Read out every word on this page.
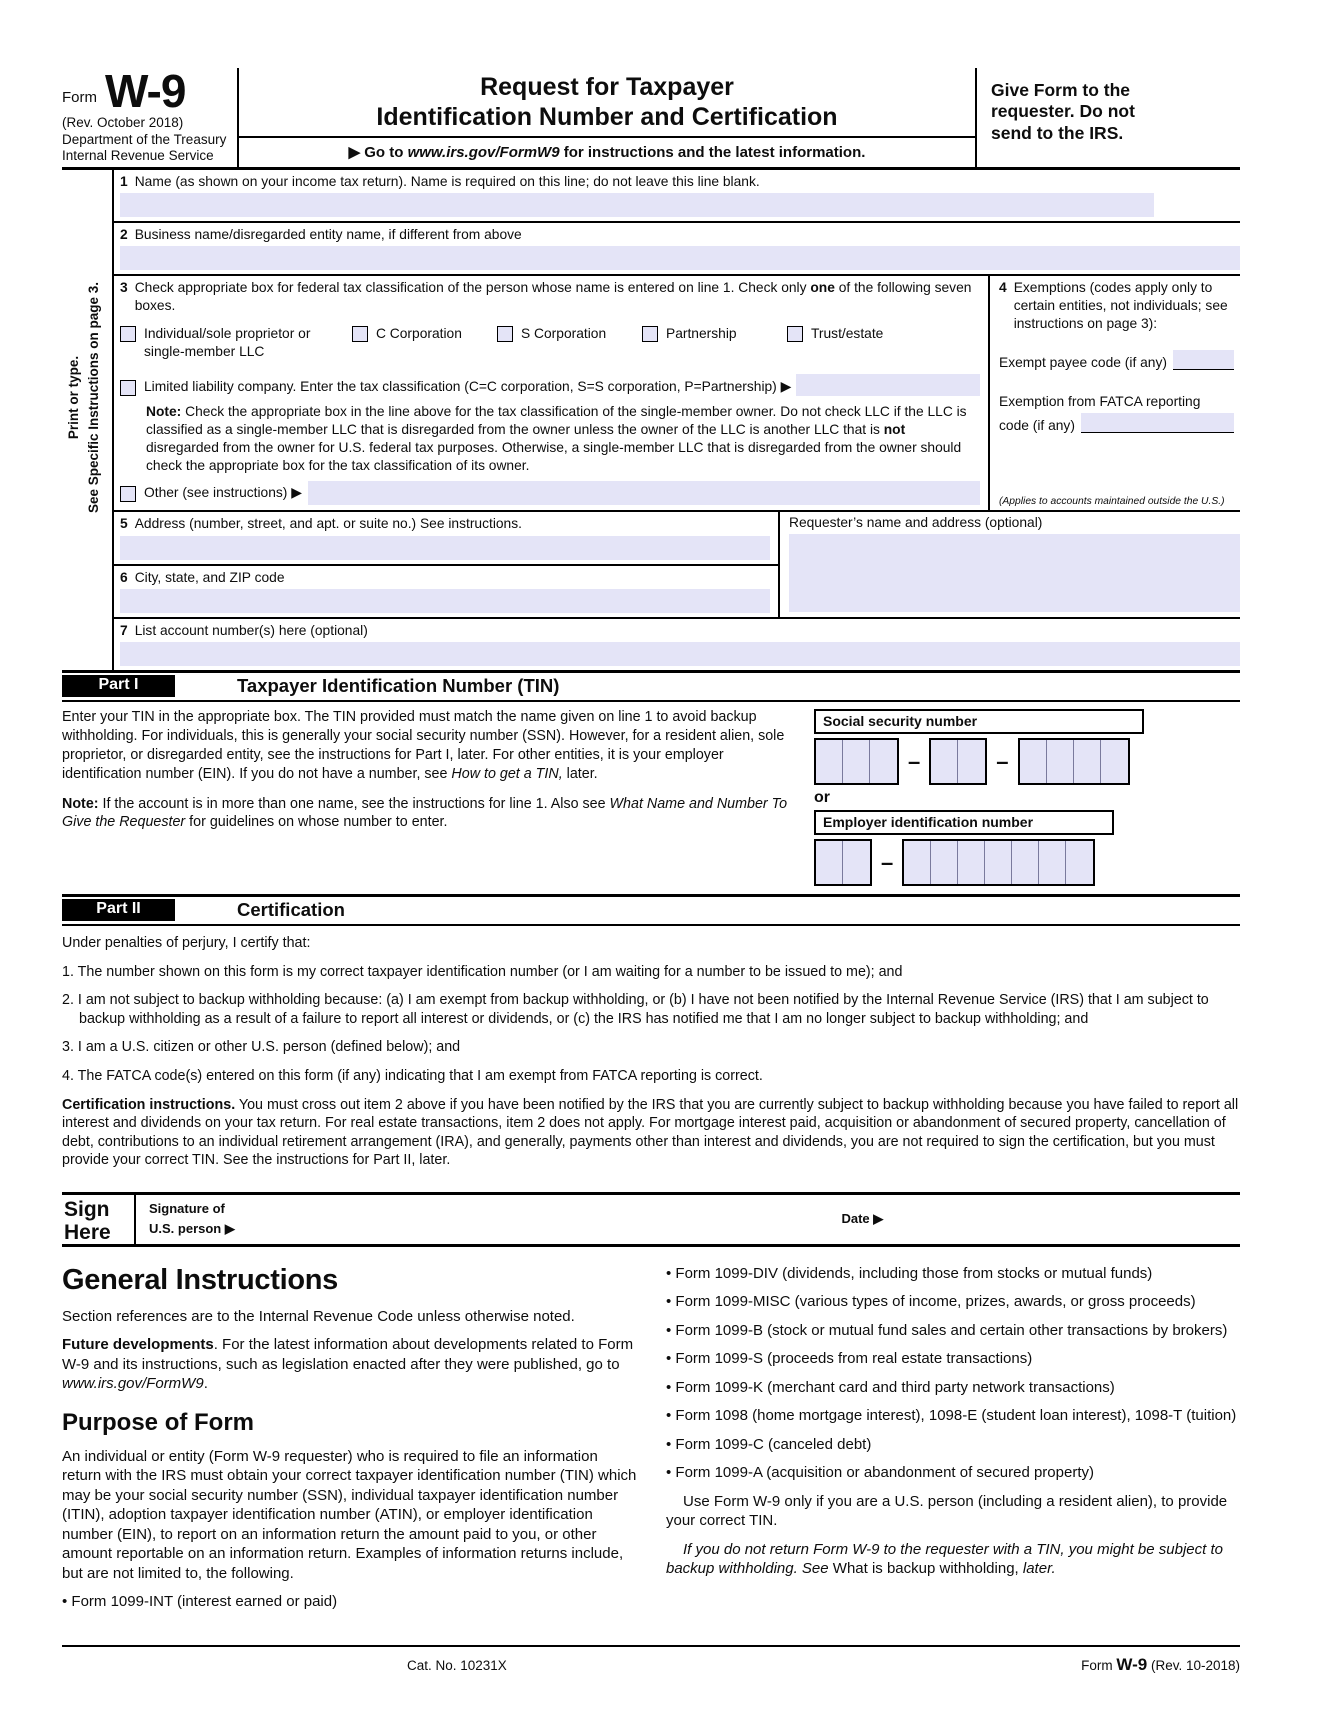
Form W-9
(Rev. October 2018)
Department of the Treasury
Internal Revenue Service
Request for Taxpayer
Identification Number and Certification
▶ Go to www.irs.gov/FormW9 for instructions and the latest information.
Give Form to the requester. Do not send to the IRS.
Print or type. See Specific Instructions on page 3.
1 Name (as shown on your income tax return). Name is required on this line; do not leave this line blank.
2 Business name/disregarded entity name, if different from above
3 Check appropriate box for federal tax classification of the person whose name is entered on line 1. Check only one of the following seven boxes.
Individual/sole proprietor or single-member LLC
C Corporation	S Corporation	Partnership	Trust/estate
Limited liability company. Enter the tax classification (C=C corporation, S=S corporation, P=Partnership) ▶
Note: Check the appropriate box in the line above for the tax classification of the single-member owner. Do not check LLC if the LLC is classified as a single-member LLC that is disregarded from the owner unless the owner of the LLC is another LLC that is not disregarded from the owner for U.S. federal tax purposes. Otherwise, a single-member LLC that is disregarded from the owner should check the appropriate box for the tax classification of its owner.
Other (see instructions) ▶
4 Exemptions (codes apply only to certain entities, not individuals; see instructions on page 3):
Exempt payee code (if any)
Exemption from FATCA reporting
code (if any)
(Applies to accounts maintained outside the U.S.)
5 Address (number, street, and apt. or suite no.) See instructions.
6 City, state, and ZIP code
Requester’s name and address (optional)
7 List account number(s) here (optional)
Part I	Taxpayer Identification Number (TIN)

Enter your TIN in the appropriate box. The TIN provided must match the name given on line 1 to avoid backup withholding. For individuals, this is generally your social security number (SSN). However, for a resident alien, sole proprietor, or disregarded entity, see the instructions for Part I, later. For other entities, it is your employer identification number (EIN). If you do not have a number, see How to get a TIN, later.

Note: If the account is in more than one name, see the instructions for line 1. Also see What Name and Number To Give the Requester for guidelines on whose number to enter.

Social security number
–	–
or
Employer identification number
–
Part II	Certification
Under penalties of perjury, I certify that:
1. The number shown on this form is my correct taxpayer identification number (or I am waiting for a number to be issued to me); and
2. I am not subject to backup withholding because: (a) I am exempt from backup withholding, or (b) I have not been notified by the Internal Revenue Service (IRS) that I am subject to backup withholding as a result of a failure to report all interest or dividends, or (c) the IRS has notified me that I am no longer subject to backup withholding; and
3. I am a U.S. citizen or other U.S. person (defined below); and
4. The FATCA code(s) entered on this form (if any) indicating that I am exempt from FATCA reporting is correct.
Certification instructions. You must cross out item 2 above if you have been notified by the IRS that you are currently subject to backup withholding because you have failed to report all interest and dividends on your tax return. For real estate transactions, item 2 does not apply. For mortgage interest paid, acquisition or abandonment of secured property, cancellation of debt, contributions to an individual retirement arrangement (IRA), and generally, payments other than interest and dividends, you are not required to sign the certification, but you must provide your correct TIN. See the instructions for Part II, later.
Sign
Here
Signature of
U.S. person ▶
Date ▶
General Instructions

Section references are to the Internal Revenue Code unless otherwise noted.

Future developments. For the latest information about developments related to Form W-9 and its instructions, such as legislation enacted after they were published, go to www.irs.gov/FormW9.

Purpose of Form

An individual or entity (Form W-9 requester) who is required to file an information return with the IRS must obtain your correct taxpayer identification number (TIN) which may be your social security number (SSN), individual taxpayer identification number (ITIN), adoption taxpayer identification number (ATIN), or employer identification number (EIN), to report on an information return the amount paid to you, or other amount reportable on an information return. Examples of information returns include, but are not limited to, the following.

• Form 1099-INT (interest earned or paid)

• Form 1099-DIV (dividends, including those from stocks or mutual funds)

• Form 1099-MISC (various types of income, prizes, awards, or gross proceeds)

• Form 1099-B (stock or mutual fund sales and certain other transactions by brokers)

• Form 1099-S (proceeds from real estate transactions)

• Form 1099-K (merchant card and third party network transactions)

• Form 1098 (home mortgage interest), 1098-E (student loan interest), 1098-T (tuition)

• Form 1099-C (canceled debt)

• Form 1099-A (acquisition or abandonment of secured property)

Use Form W-9 only if you are a U.S. person (including a resident alien), to provide your correct TIN.

If you do not return Form W-9 to the requester with a TIN, you might be subject to backup withholding. See What is backup withholding, later.

Cat. No. 10231X	Form W-9 (Rev. 10-2018)
